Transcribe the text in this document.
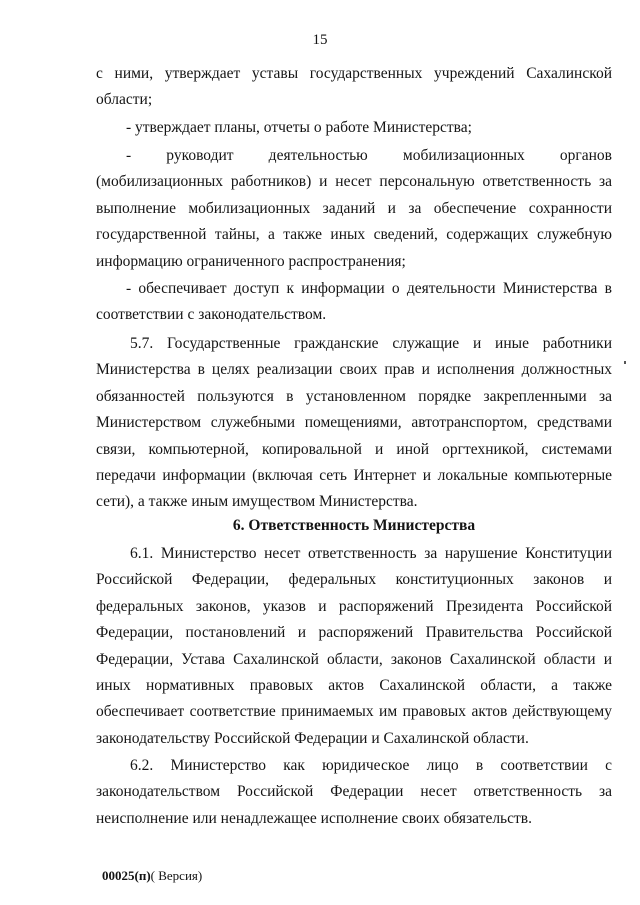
15
с ними, утверждает уставы государственных учреждений Сахалинской
области;
- утверждает планы, отчеты о работе Министерства;
- руководит деятельностью мобилизационных органов
(мобилизационных работников) и несет персональную ответственность за
выполнение мобилизационных заданий и за обеспечение сохранности
государственной тайны, а также иных сведений, содержащих служебную
информацию ограниченного распространения;
- обеспечивает доступ к информации о деятельности Министерства в
соответствии с законодательством.
5.7. Государственные гражданские служащие и иные работники
Министерства в целях реализации своих прав и исполнения должностных
обязанностей пользуются в установленном порядке закрепленными за
Министерством служебными помещениями, автотранспортом, средствами
связи, компьютерной, копировальной и иной оргтехникой, системами
передачи информации (включая сеть Интернет и локальные компьютерные
сети), а также иным имуществом Министерства.
6. Ответственность Министерства
6.1. Министерство несет ответственность за нарушение Конституции
Российской Федерации, федеральных конституционных законов и
федеральных законов, указов и распоряжений Президента Российской
Федерации, постановлений и распоряжений Правительства Российской
Федерации, Устава Сахалинской области, законов Сахалинской области и
иных нормативных правовых актов Сахалинской области, а также
обеспечивает соответствие принимаемых им правовых актов действующему
законодательству Российской Федерации и Сахалинской области.
6.2. Министерство как юридическое лицо в соответствии с
законодательством Российской Федерации несет ответственность за
неисполнение или ненадлежащее исполнение своих обязательств.
00025(п)( Версия)
